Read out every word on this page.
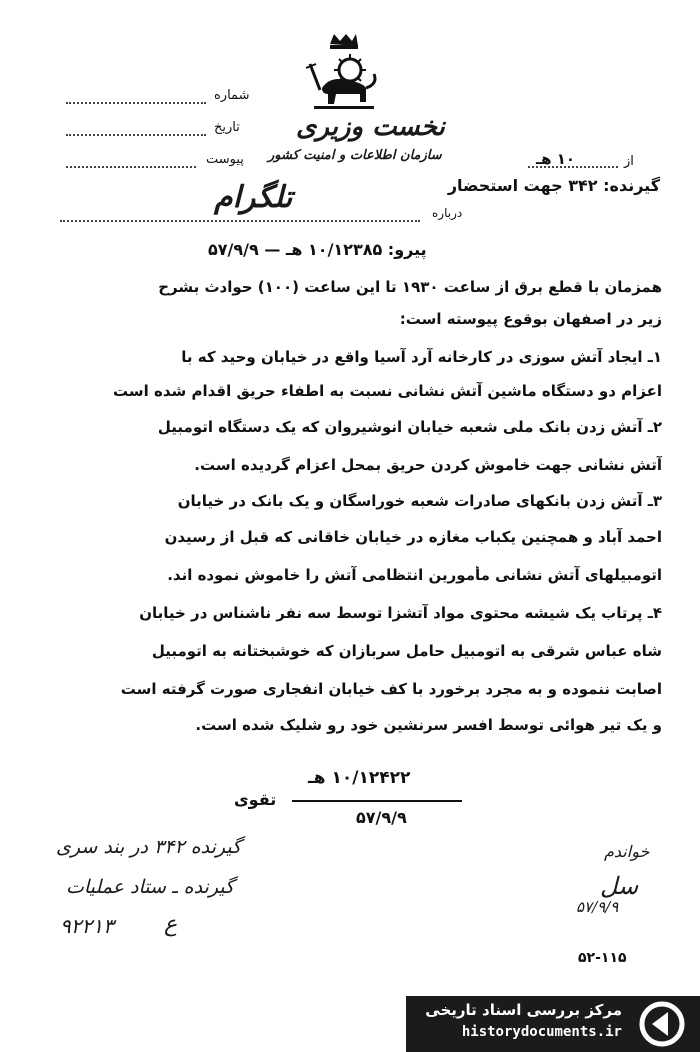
نخست وزیری
سازمان اطلاعات و امنیت کشور
شماره
تاریخ
پیوست	از
۱۰ هـ
گیرنده: ۳۴۲ جهت استحضار
تلگرام	درباره
پیرو: ۱۰/۱۲۳۸۵ هـ — ۵۷/۹/۹
همزمان با قطع برق از ساعت ۱۹۳۰ تا این ساعت (۱۰۰) حوادث بشرح
زیر در اصفهان بوقوع پیوسته است:
۱ـ ایجاد آتش سوزی در کارخانه آرد آسیا واقع در خیابان وحید که با
اعزام دو دستگاه ماشین آتش نشانی نسبت به اطفاء حریق اقدام شده است
۲ـ آتش زدن بانک ملی شعبه خیابان انوشیروان که یک دستگاه اتومبیل
آتش نشانی جهت خاموش کردن حریق بمحل اعزام گردیده است.
۳ـ آتش زدن بانکهای صادرات شعبه خوراسگان و یک بانک در خیابان
احمد آباد و همچنین یکباب مغازه در خیابان خاقانی که قبل از رسیدن
اتومبیلهای آتش نشانی مأمورین انتظامی آتش را خاموش نموده اند.
۴ـ پرتاب یک شیشه محتوی مواد آتشزا توسط سه نفر ناشناس در خیابان
شاه عباس شرقی به اتومبیل حامل سربازان که خوشبختانه به اتومبیل
اصابت ننموده و به مجرد برخورد با کف خیابان انفجاری صورت گرفته است
و یک تیر هوائی توسط افسر سرنشین خود رو شلیک شده است.
۱۰/۱۲۴۲۲ هـ
تقوی
۵۷/۹/۹
گیرنده ۳۴۲ در بند سری
گیرنده ـ ستاد عملیات
۹۲۲۱۳ ع
خواندم
سل
۵۷/۹/۹
۵۲-۱۱۵
مرکز بررسی اسناد تاریخی
historydocuments.ir
